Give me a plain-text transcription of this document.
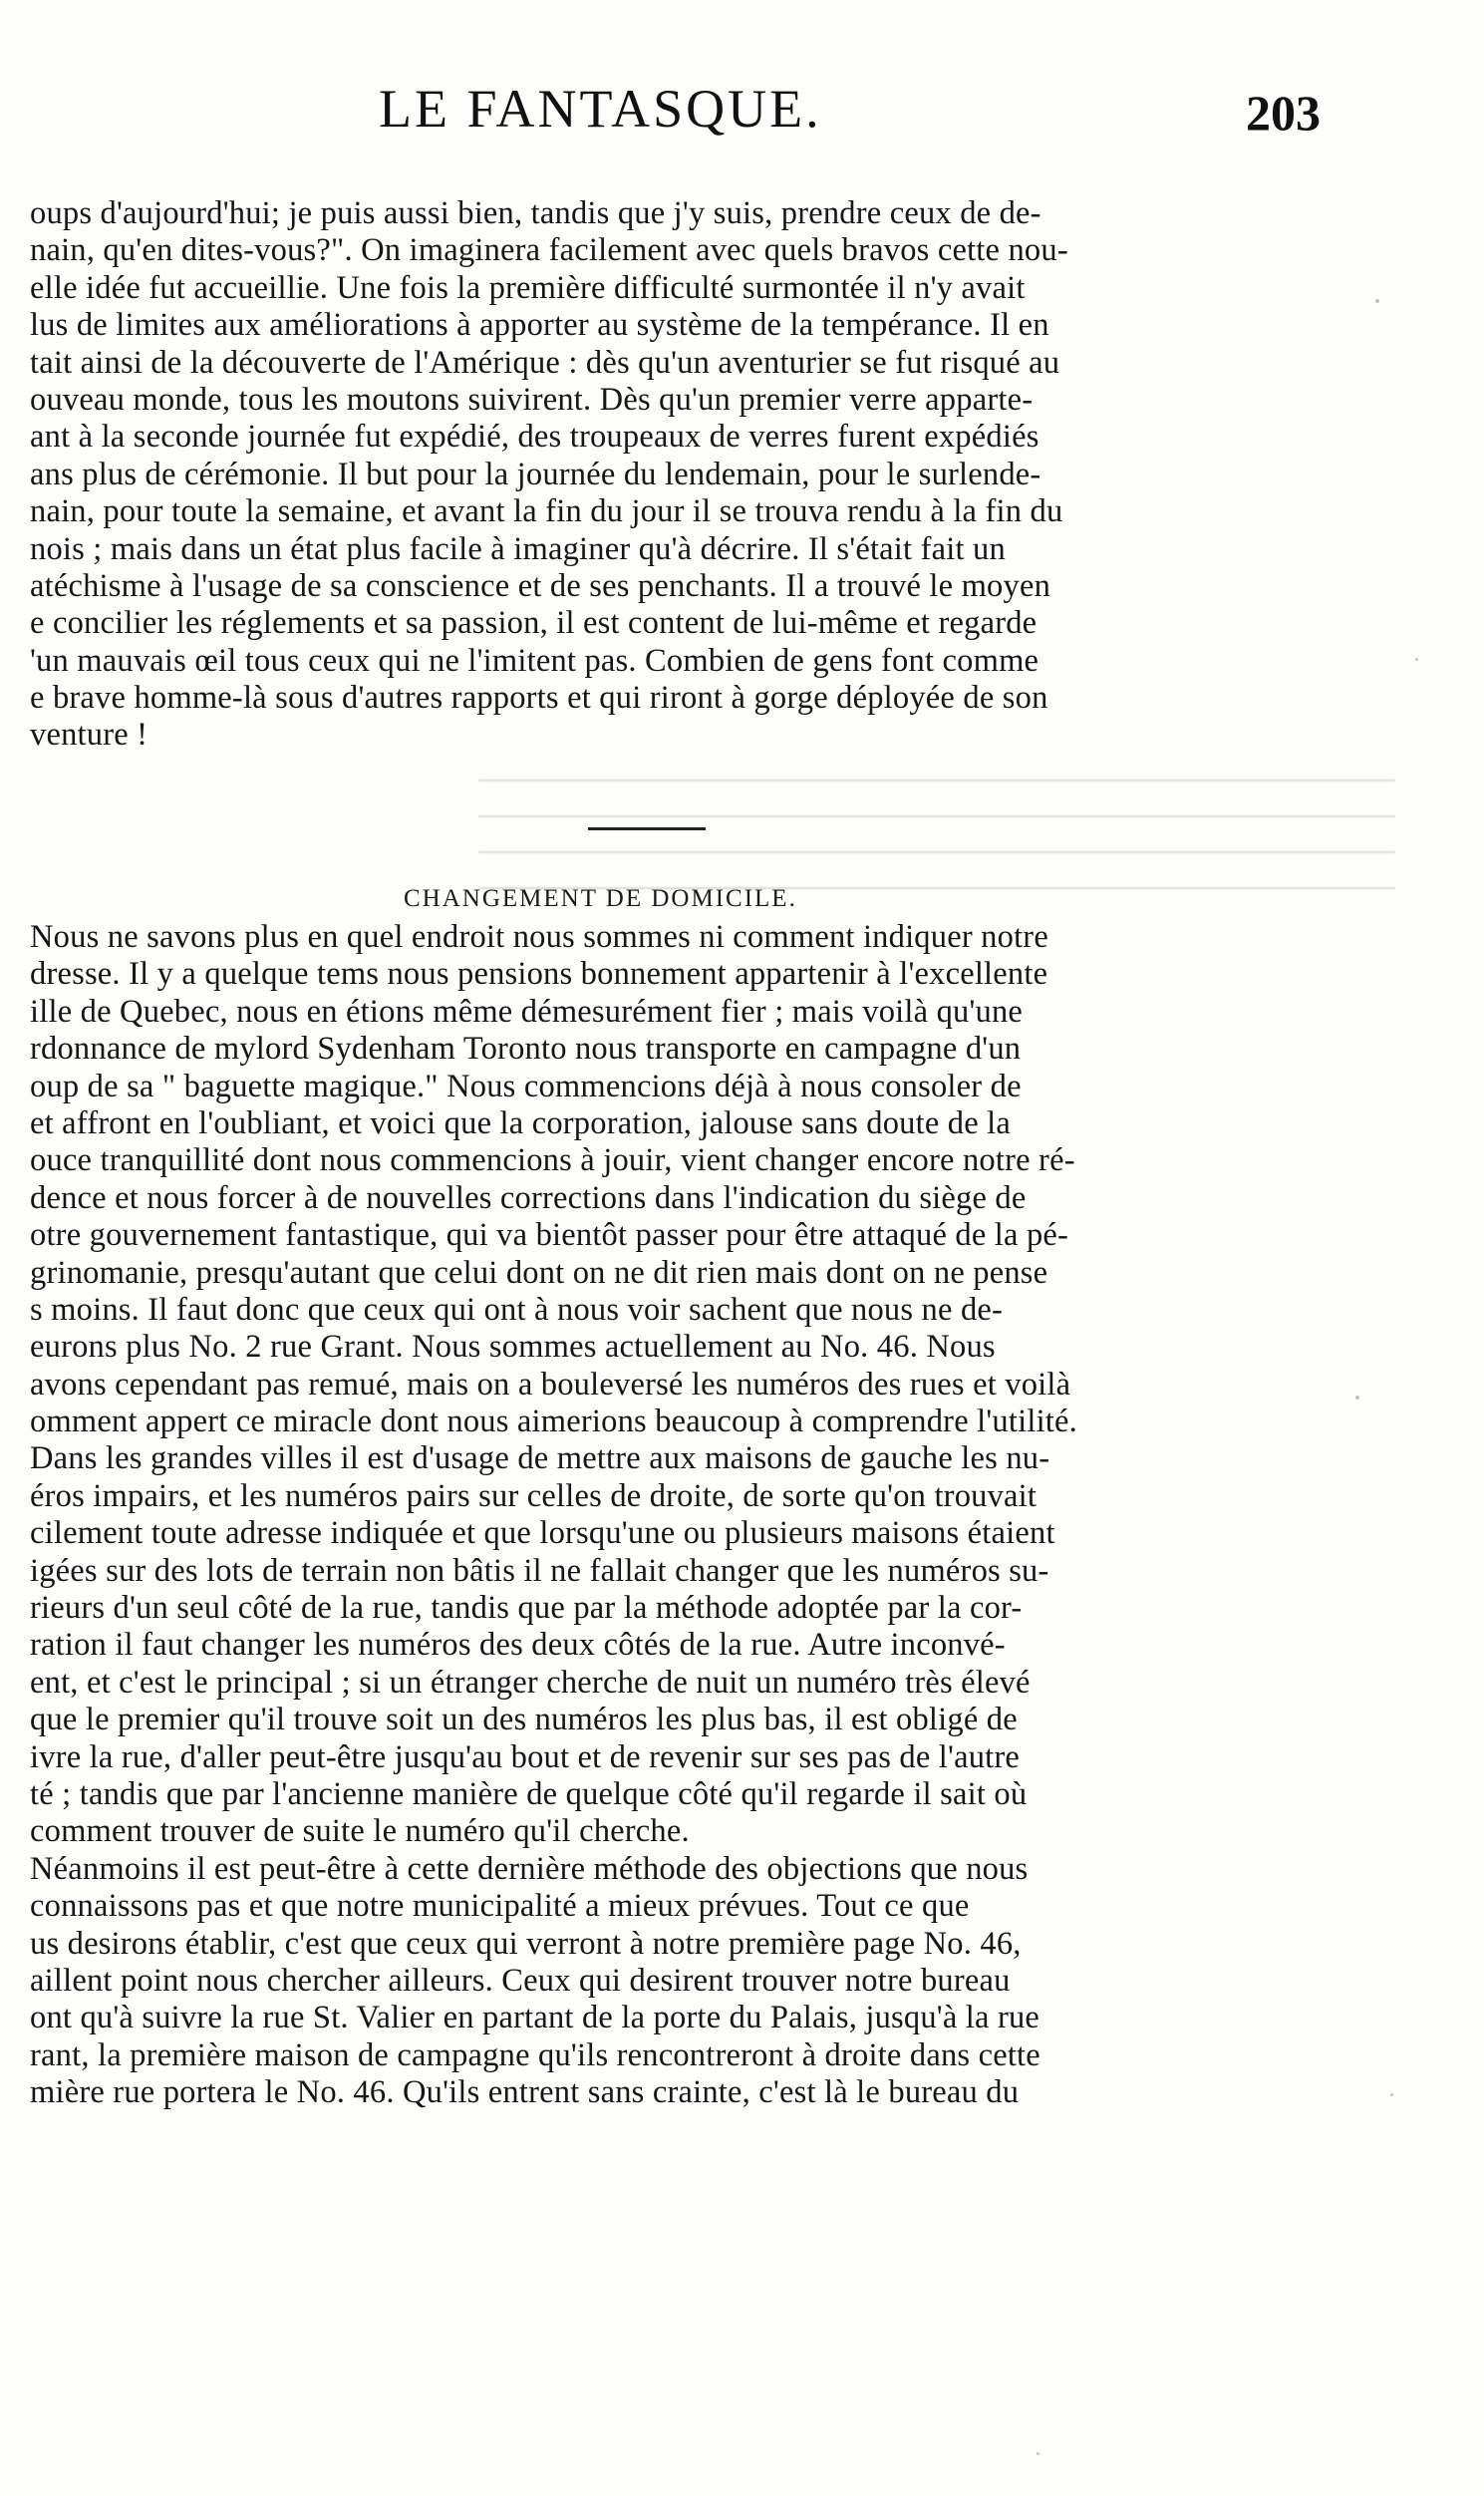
LE FANTASQUE.	203
oups d'aujourd'hui; je puis aussi bien, tandis que j'y suis, prendre ceux de de-
nain, qu'en dites-vous?". On imaginera facilement avec quels bravos cette nou-
elle idée fut accueillie. Une fois la première difficulté surmontée il n'y avait
lus de limites aux améliorations à apporter au système de la tempérance. Il en
tait ainsi de la découverte de l'Amérique : dès qu'un aventurier se fut risqué au
ouveau monde, tous les moutons suivirent. Dès qu'un premier verre apparte-
ant à la seconde journée fut expédié, des troupeaux de verres furent expédiés
ans plus de cérémonie. Il but pour la journée du lendemain, pour le surlende-
nain, pour toute la semaine, et avant la fin du jour il se trouva rendu à la fin du
nois ; mais dans un état plus facile à imaginer qu'à décrire. Il s'était fait un
atéchisme à l'usage de sa conscience et de ses penchants. Il a trouvé le moyen
e concilier les réglements et sa passion, il est content de lui-même et regarde
'un mauvais œil tous ceux qui ne l'imitent pas. Combien de gens font comme
e brave homme-là sous d'autres rapports et qui riront à gorge déployée de son
venture !
CHANGEMENT DE DOMICILE.
Nous ne savons plus en quel endroit nous sommes ni comment indiquer notre
dresse. Il y a quelque tems nous pensions bonnement appartenir à l'excellente
ille de Quebec, nous en étions même démesurément fier ; mais voilà qu'une
rdonnance de mylord Sydenham Toronto nous transporte en campagne d'un
oup de sa " baguette magique." Nous commencions déjà à nous consoler de
et affront en l'oubliant, et voici que la corporation, jalouse sans doute de la
ouce tranquillité dont nous commencions à jouir, vient changer encore notre ré-
dence et nous forcer à de nouvelles corrections dans l'indication du siège de
otre gouvernement fantastique, qui va bientôt passer pour être attaqué de la pé-
grinomanie, presqu'autant que celui dont on ne dit rien mais dont on ne pense
s moins. Il faut donc que ceux qui ont à nous voir sachent que nous ne de-
eurons plus No. 2 rue Grant. Nous sommes actuellement au No. 46. Nous
avons cependant pas remué, mais on a bouleversé les numéros des rues et voilà
omment appert ce miracle dont nous aimerions beaucoup à comprendre l'utilité.
Dans les grandes villes il est d'usage de mettre aux maisons de gauche les nu-
éros impairs, et les numéros pairs sur celles de droite, de sorte qu'on trouvait
cilement toute adresse indiquée et que lorsqu'une ou plusieurs maisons étaient
igées sur des lots de terrain non bâtis il ne fallait changer que les numéros su-
rieurs d'un seul côté de la rue, tandis que par la méthode adoptée par la cor-
ration il faut changer les numéros des deux côtés de la rue. Autre inconvé-
ent, et c'est le principal ; si un étranger cherche de nuit un numéro très élevé
que le premier qu'il trouve soit un des numéros les plus bas, il est obligé de
ivre la rue, d'aller peut-être jusqu'au bout et de revenir sur ses pas de l'autre
té ; tandis que par l'ancienne manière de quelque côté qu'il regarde il sait où
comment trouver de suite le numéro qu'il cherche.
Néanmoins il est peut-être à cette dernière méthode des objections que nous
connaissons pas et que notre municipalité a mieux prévues. Tout ce que
us desirons établir, c'est que ceux qui verront à notre première page No. 46,
aillent point nous chercher ailleurs. Ceux qui desirent trouver notre bureau
ont qu'à suivre la rue St. Valier en partant de la porte du Palais, jusqu'à la rue
rant, la première maison de campagne qu'ils rencontreront à droite dans cette
mière rue portera le No. 46. Qu'ils entrent sans crainte, c'est là le bureau du
